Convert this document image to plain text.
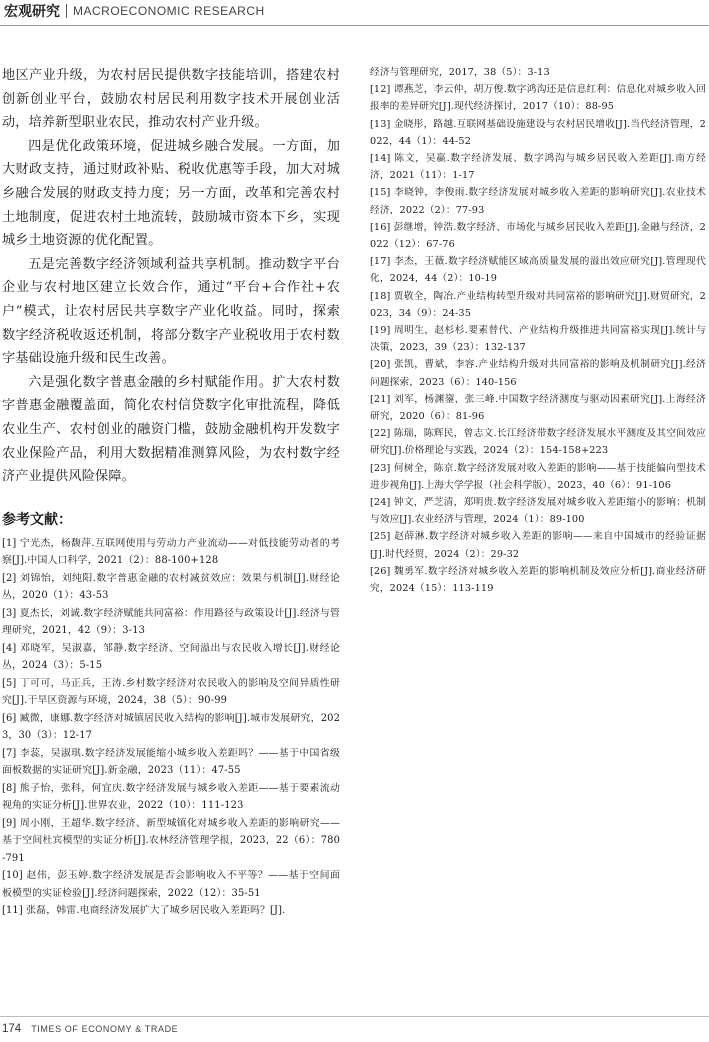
宏观研究	MACROECONOMIC RESEARCH

地区产业升级，为农村居民提供数字技能培训，搭建农村创新创业平台，鼓励农村居民利用数字技术开展创业活动，培养新型职业农民，推动农村产业升级。

四是优化政策环境，促进城乡融合发展。一方面，加大财政支持，通过财政补贴、税收优惠等手段，加大对城乡融合发展的财政支持力度；另一方面，改革和完善农村土地制度，促进农村土地流转，鼓励城市资本下乡，实现城乡土地资源的优化配置。

五是完善数字经济领域利益共享机制。推动数字平台企业与农村地区建立长效合作，通过“平台+合作社+农户”模式，让农村居民共享数字产业化收益。同时，探索数字经济税收返还机制，将部分数字产业税收用于农村数字基础设施升级和民生改善。

六是强化数字普惠金融的乡村赋能作用。扩大农村数字普惠金融覆盖面，简化农村信贷数字化审批流程，降低农业生产、农村创业的融资门槛，鼓励金融机构开发数字农业保险产品，利用大数据精准测算风险，为农村数字经济产业提供风险保障。

参考文献：

[1] 宁光杰，杨馥萍.互联网使用与劳动力产业流动——对低技能劳动者的考察[J].中国人口科学，2021（2）：88-100+128

[2] 刘锦怡，刘纯阳.数字普惠金融的农村减贫效应：效果与机制[J].财经论丛，2020（1）：43-53

[3] 夏杰长，刘诚.数字经济赋能共同富裕：作用路径与政策设计[J].经济与管理研究，2021，42（9）：3-13

[4] 邓晓军，吴淑嘉，邹静.数字经济、空间溢出与农民收入增长[J].财经论丛，2024（3）：5-15

[5] 丁可可，马正兵，王涛.乡村数字经济对农民收入的影响及空间异质性研究[J].干旱区资源与环境，2024，38（5）：90-99

[6] 臧微，康娜.数字经济对城镇居民收入结构的影响[J].城市发展研究，2023，30（3）：12-17

[7] 李蕊，吴淑琪.数字经济发展能缩小城乡收入差距吗？——基于中国省级面板数据的实证研究[J].新金融，2023（11）：47-55

[8] 熊子怡，张科，何宜庆.数字经济发展与城乡收入差距——基于要素流动视角的实证分析[J].世界农业，2022（10）：111-123

[9] 周小刚，王超华.数字经济、新型城镇化对城乡收入差距的影响研究——基于空间杜宾模型的实证分析[J].农林经济管理学报，2023，22（6）：780-791

[10] 赵伟，彭玉婷.数字经济发展是否会影响收入不平等？——基于空间面板模型的实证检验[J].经济问题探索，2022（12）：35-51

[11] 张磊，韩雷.电商经济发展扩大了城乡居民收入差距吗？[J].

经济与管理研究，2017，38（5）：3-13

[12] 谭燕芝，李云仲，胡万俊.数字鸿沟还是信息红利：信息化对城乡收入回报率的差异研究[J].现代经济探讨，2017（10）：88-95

[13] 金晓彤，路越.互联网基础设施建设与农村居民增收[J].当代经济管理，2022，44（1）：44-52

[14] 陈文，吴嬴.数字经济发展、数字鸿沟与城乡居民收入差距[J].南方经济，2021（11）：1-17

[15] 李晓钟，李俊雨.数字经济发展对城乡收入差距的影响研究[J].农业技术经济，2022（2）：77-93

[16] 彭继增，钟浩.数字经济、市场化与城乡居民收入差距[J].金融与经济，2022（12）：67-76

[17] 李杰，王薇.数字经济赋能区域高质量发展的溢出效应研究[J].管理现代化，2024，44（2）：10-19

[18] 贾敬全，陶冶.产业结构转型升级对共同富裕的影响研究[J].财贸研究，2023，34（9）：24-35

[19] 周明生，赵杉杉.要素替代、产业结构升级推进共同富裕实现[J].统计与决策，2023，39（23）：132-137

[20] 张凯，曹斌，李容.产业结构升级对共同富裕的影响及机制研究[J].经济问题探索，2023（6）：140-156

[21] 刘军，杨渊鋆，张三峰.中国数字经济测度与驱动因素研究[J].上海经济研究，2020（6）：81-96

[22] 陈瑞，陈辉民，曾志文.长江经济带数字经济发展水平测度及其空间效应研究[J].价格理论与实践，2024（2）：154-158+223

[23] 何树全，陈京.数字经济发展对收入差距的影响——基于技能偏向型技术进步视角[J].上海大学学报（社会科学版），2023，40（6）：91-106

[24] 钟文，严芝清，郑明贵.数字经济发展对城乡收入差距缩小的影响：机制与效应[J].农业经济与管理，2024（1）：89-100

[25] 赵薛淋.数字经济对城乡收入差距的影响——来自中国城市的经验证据[J].时代经贸，2024（2）：29-32

[26] 魏勇军.数字经济对城乡收入差距的影响机制及效应分析[J].商业经济研究，2024（15）：113-119

174	TIMES OF ECONOMY & TRADE
